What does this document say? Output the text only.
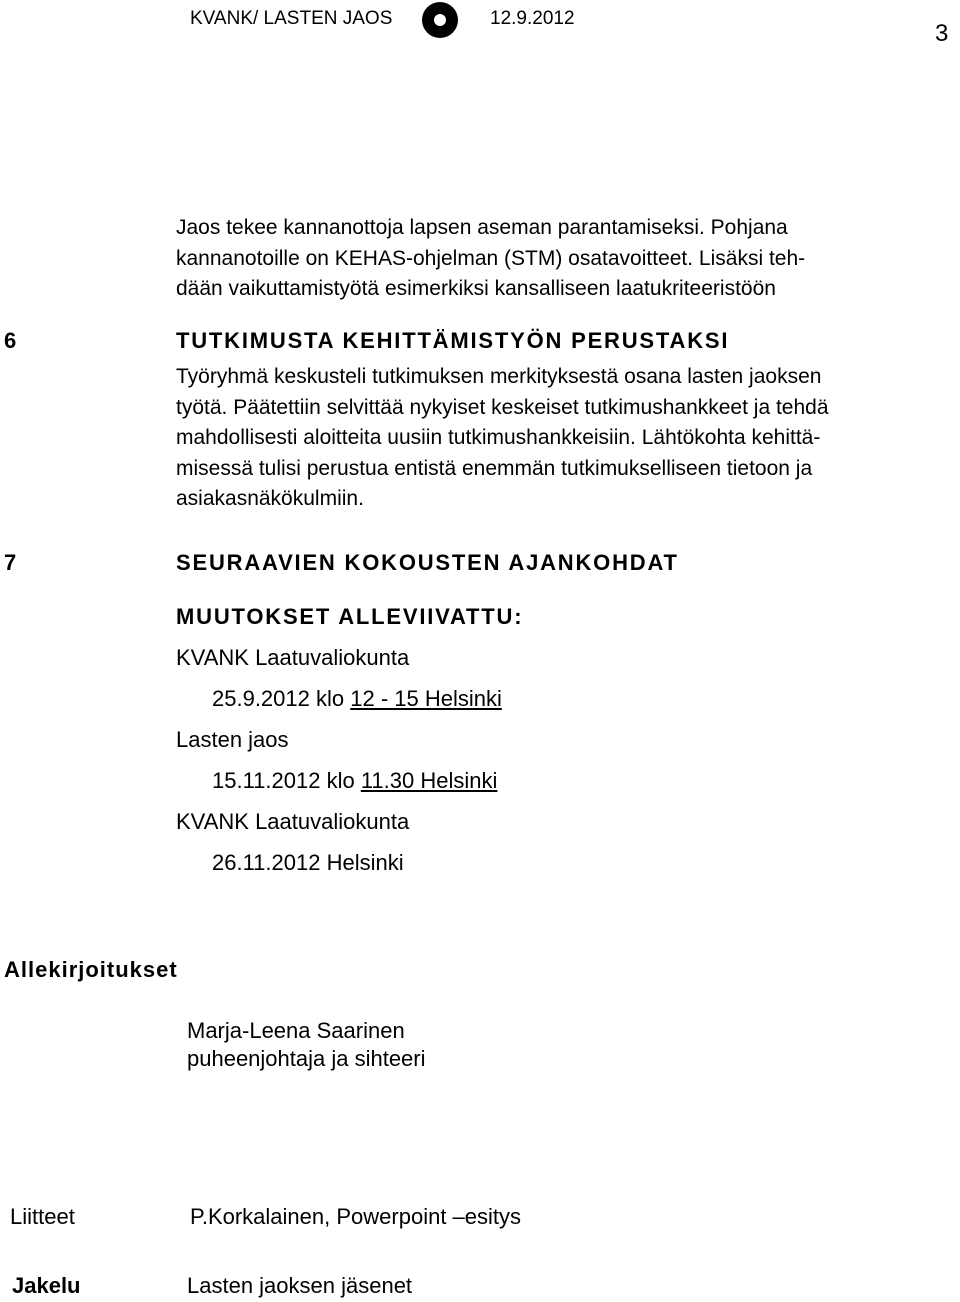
KVANK/ LASTEN JAOS	12.9.2012
3
Jaos tekee kannanottoja lapsen aseman parantamiseksi. Pohjana
kannanotoille on KEHAS-ohjelman (STM) osatavoitteet. Lisäksi teh-
dään vaikuttamistyötä esimerkiksi kansalliseen laatukriteeristöön
6	TUTKIMUSTA KEHITTÄMISTYÖN PERUSTAKSI
Työryhmä keskusteli tutkimuksen merkityksestä osana lasten jaoksen
työtä. Päätettiin selvittää nykyiset keskeiset tutkimushankkeet ja tehdä
mahdollisesti aloitteita uusiin tutkimushankkeisiin. Lähtökohta kehittä-
misessä tulisi perustua entistä enemmän tutkimukselliseen tietoon ja
asiakasnäkökulmiin.
7	SEURAAVIEN KOKOUSTEN AJANKOHDAT
MUUTOKSET ALLEVIIVATTU:
KVANK Laatuvaliokunta
25.9.2012 klo 12 - 15 Helsinki
Lasten jaos
15.11.2012 klo 11.30 Helsinki
KVANK Laatuvaliokunta
26.11.2012 Helsinki
Allekirjoitukset
Marja-Leena Saarinen
puheenjohtaja ja sihteeri
Liitteet	P.Korkalainen, Powerpoint –esitys
Jakelu	Lasten jaoksen jäsenet
